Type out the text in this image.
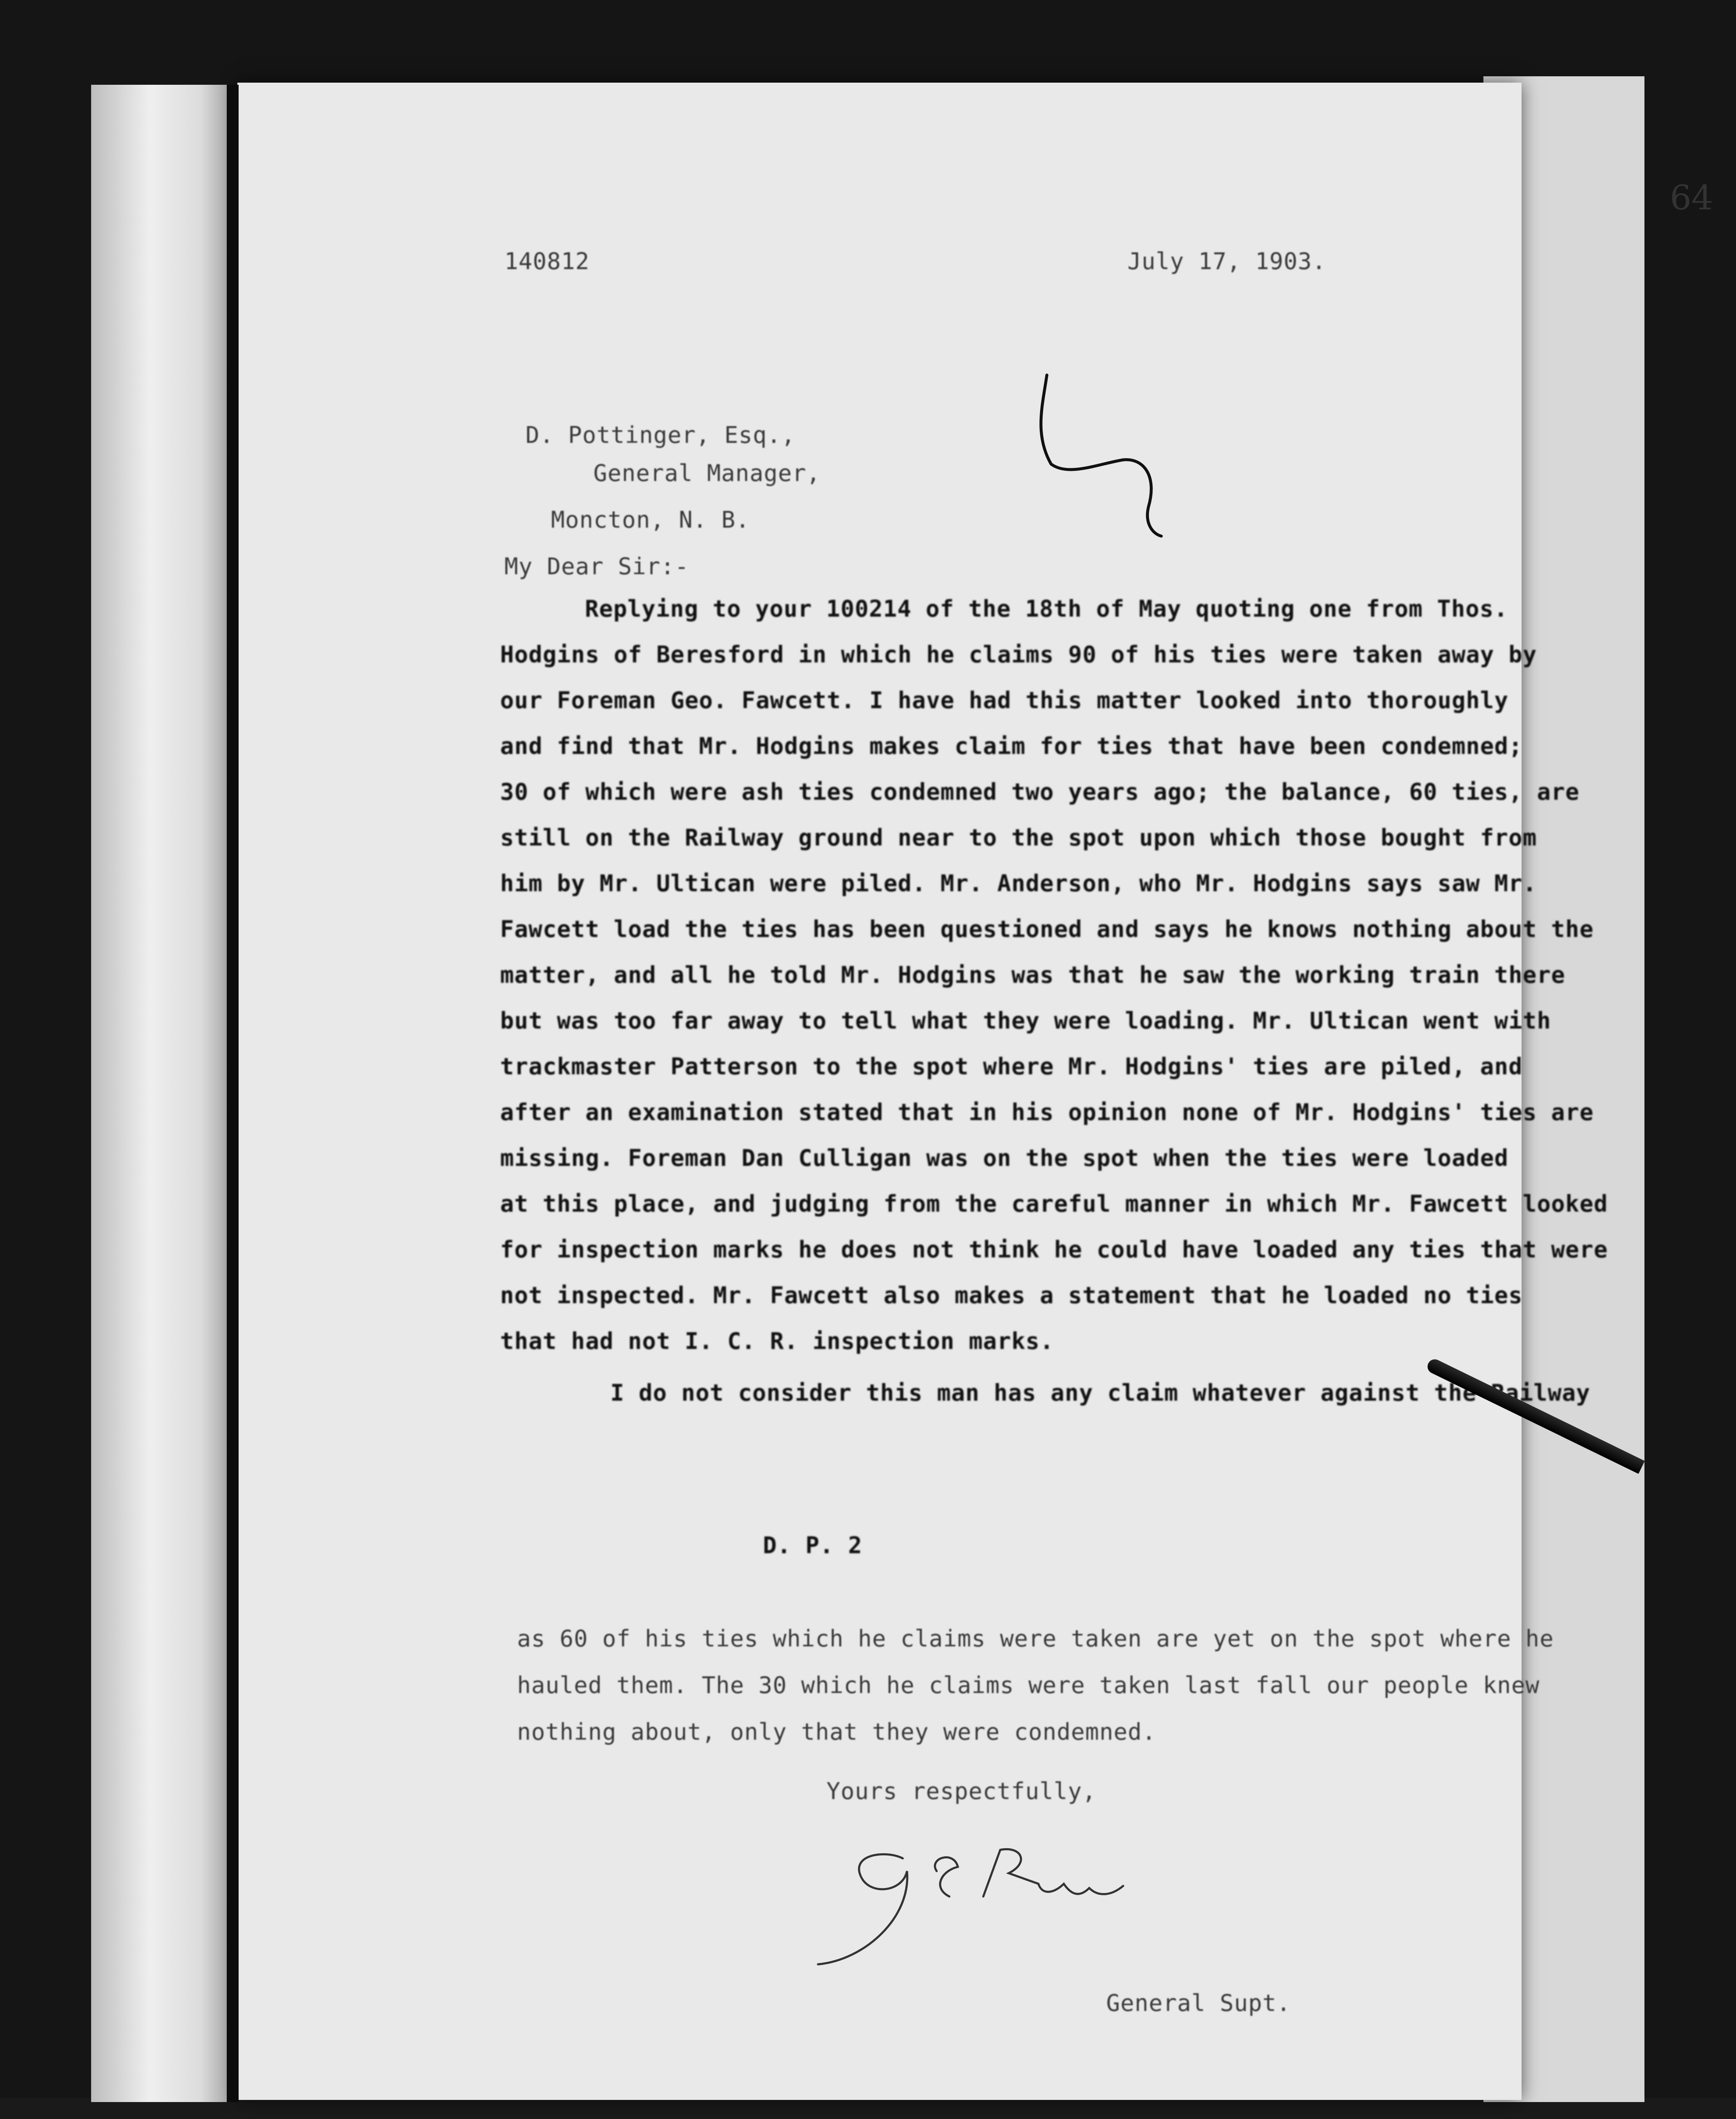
64
140812	July 17, 1903.
D. Pottinger, Esq.,
General Manager,
Moncton, N. B.
My Dear Sir:-
Replying to your 100214 of the 18th of May quoting one from Thos.
Hodgins of Beresford in which he claims 90 of his ties were taken away by
our Foreman Geo. Fawcett. I have had this matter looked into thoroughly
and find that Mr. Hodgins makes claim for ties that have been condemned;
30 of which were ash ties condemned two years ago; the balance, 60 ties, are
still on the Railway ground near to the spot upon which those bought from
him by Mr. Ultican were piled. Mr. Anderson, who Mr. Hodgins says saw Mr.
Fawcett load the ties has been questioned and says he knows nothing about the
matter, and all he told Mr. Hodgins was that he saw the working train there
but was too far away to tell what they were loading. Mr. Ultican went with
trackmaster Patterson to the spot where Mr. Hodgins' ties are piled, and
after an examination stated that in his opinion none of Mr. Hodgins' ties are
missing. Foreman Dan Culligan was on the spot when the ties were loaded
at this place, and judging from the careful manner in which Mr. Fawcett looked
for inspection marks he does not think he could have loaded any ties that were
not inspected. Mr. Fawcett also makes a statement that he loaded no ties
that had not I. C. R. inspection marks.
I do not consider this man has any claim whatever against the Railway
D. P. 2
as 60 of his ties which he claims were taken are yet on the spot where he
hauled them. The 30 which he claims were taken last fall our people knew
nothing about, only that they were condemned.
Yours respectfully,
General Supt.
